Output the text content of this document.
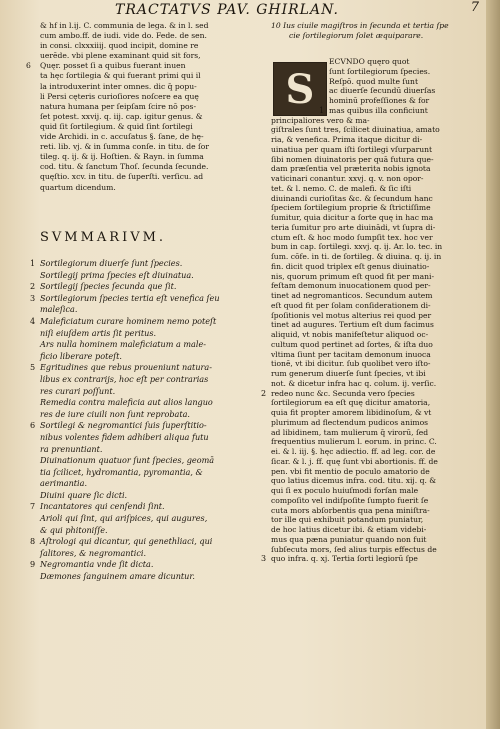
TRACTATVS PAV. GHIRLAN.	7
& hf in l.ij. C. communia de lega. & in l. sed
cum ambo.ff. de iudi. vide do. Fede. de sen.
in consi. clxxxiiij. quod incipit, domine re
uerēde. vbi plene examinant quid sit fors,
6 Quęr. posset ſi a quibus fuerant inuen
ta hęc ſortilegia & qui fuerant primi qui il
la introduxerint inter omnes. dic q̄ popu-
li Persi cęteris curioſiores noſcere ea quę
natura humana per ſeipſam ſcire nō pos-
ſet potest. xxvij. q. iij. cap. igitur genus. &
quid ſit ſortilegium. & quid ſint ſortilegi
vide Archidi. in c. accuſatus §. ſane, de hę-
reti. lib. vj. & in ſumma conſe. in titu. de ſor
tileg. q. ij. & ij. Hoſtien. & Rayn. in ſumma
cod. titu. & ſanctum Thoſ. ſecunda ſecunde.
quęſtio. xcv. in titu. de ſuperſti. verſicu. ad
quartum dicendum.
SVMMARIVM.
1 Sortilegiorum diuerſe ſunt ſpecies.
Sortilegij prima ſpecies eſt diuinatua.
2 Sortilegij ſpecies ſecunda que ſit.
3 Sortilegiorum ſpecies tertia eſt venefica ſeu
maleſica.
4 Maleficiatum curare hominem nemo poteſt
niſi eiuſdem artis ſit peritus.
Ars nulla hominem maleficiatum a male-
ficio liberare poteſt.
5 Egritudines que rebus proueniunt natura-
libus ex contrarijs, hoc eſt per contrarias
res curari poſſunt.
Remedia contra maleficia aut alios languo
res de iure ciuili non ſunt reprobata.
6 Sortilegi & negromantici ſuis ſuperſtitio-
nibus volentes fidem adhiberi aliqua futu
ra prenuntiant.
Diuinationum quatuor ſunt ſpecies, geomā
tia ſcilicet, hydromantia, pyromantia, &
aerimantia.
Diuini quare ſic dicti.
7 Incantatores qui cenſendi ſint.
Arioli qui ſint, qui ariſpices, qui augures,
& qui phitoniſſe.
8 Aſtrologi qui dicantur, qui genethliaci, qui
ſalitores, & negromantici.
9 Negromantia vnde ſit dicta.
Dæmones ſanguinem amare dicuntur.
10 Ius ciuile magiſtros in ſecunda et tertia ſpe
cie ſortilegiorum ſolet æquiparare.
S
ECVNDO quęro quot
ſunt ſortilegiorum ſpecies.
Reſpō. quod multe ſunt
ac diuerſe ſecundū diuerſas
hominū profeſſiones & for
mas quibus illa conficiunt
1
principaliores vero & ma-
giſtrales ſunt tres, ſcilicet diuinatiua, amato
ria, & venefica. Prima itaque dicitur di-
uinatiua per quam iſti ſortilegi vſurparunt
ſibi nomen diuinatoris per quā futura que-
dam præſentia vel præterita nobis ignota
vaticinari conantur. xxvj. q. v. non opor-
tet. & l. nemo. C. de malefi. & ſic iſti
diuinandi curioſitas &c. & ſecundum hanc
ſpeciem ſortilegium proprie & ſtrictiſſime
ſumitur, quia dicitur a ſorte quę in hac ma
teria ſumitur pro arte diuinādi, vt ſupra di-
ctum eſt. & hoc modo ſumpſit tex. hoc ver
bum in cap. ſortilegi. xxvj. q. ij. Ar. lo. tec. in
ſum. cōfe. in ti. de ſortileg. & diuina. q. ij. in
fin. dicit quod triplex eſt genus diuinatio-
nis, quorum primum eſt quod fit per mani-
feſtam demonum inuocationem quod per-
tinet ad negromanticos. Secundum autem
eſt quod fit per ſolam conſiderationem di-
ſpoſitionis vel motus alterius rei quod per
tinet ad augures. Tertium eſt dum facimus
aliquid, vt nobis manifeſtetur aliquod oc-
cultum quod pertinet ad ſortes, & iſta duo
vltima ſiunt per tacitam demonum inuoca
tionē, vt ibi dicitur. ſub quolibet vero iſto-
rum generum diuerſe ſunt ſpecies, vt ibi
not. & dicetur infra hac q. colum. ij. verſic.
redeo nunc &c. Secunda vero ſpecies
2
ſortilegiorum ea eſt quę dicitur amatoria,
quia fit propter amorem libidinoſum, & vt
plurimum ad flectendum pudicos animos
ad libidinem, tam mulierum q̄ virorū, ſed
frequentius mulierum l. eorum. in princ. C.
ei. & l. iij. §. hęc adiectio. ff. ad leg. cor. de
ſicar. & l. j. ff. quę ſunt vbi abortionis. ff. de
pen. vbi fit mentio de poculo amatorio de
quo latius dicemus infra. cod. titu. xij. q. &
qui ſi ex poculo huiuſmodi forſan male
compoſito vel indiſpoſite ſumpto fuerit ſe
cuta mors abſorbentis qua pena miniſtra-
tor ille qui exhibuit potandum puniatur,
de hoc latius dicetur ibi. & etiam videbi-
mus qua pæna puniatur quando non fuit
ſubſecuta mors, ſed alius turpis effectus de
quo infra. q. xj. Tertia ſorti legiorū ſpe
3
